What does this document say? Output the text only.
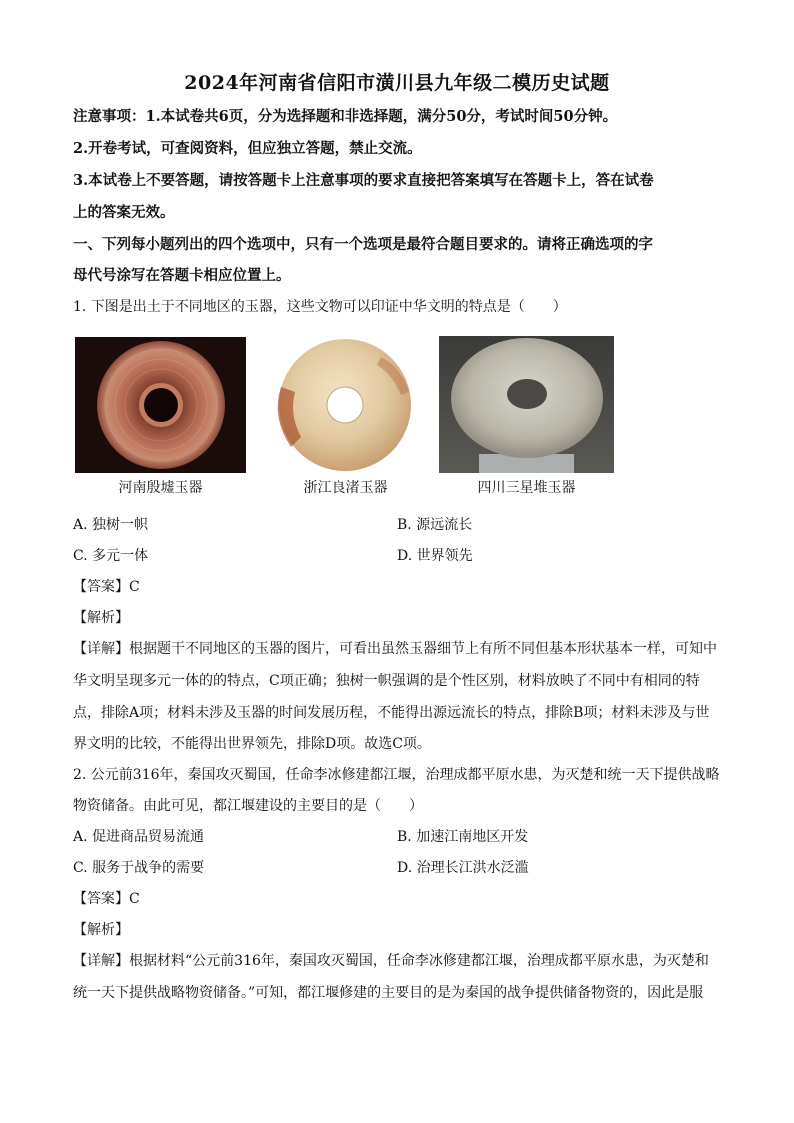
2024年河南省信阳市潢川县九年级二模历史试题
注意事项：1.本试卷共6页，分为选择题和非选择题，满分50分，考试时间50分钟。
2.开卷考试，可查阅资料，但应独立答题，禁止交流。
3.本试卷上不要答题，请按答题卡上注意事项的要求直接把答案填写在答题卡上，答在试卷
上的答案无效。
一、下列每小题列出的四个选项中，只有一个选项是最符合题目要求的。请将正确选项的字
母代号涂写在答题卡相应位置上。
1. 下图是出土于不同地区的玉器，这些文物可以印证中华文明的特点是（　　）
河南殷墟玉器	浙江良渚玉器	四川三星堆玉器
A. 独树一帜	B. 源远流长
C. 多元一体	D. 世界领先
【答案】C
【解析】
【详解】根据题干不同地区的玉器的图片，可看出虽然玉器细节上有所不同但基本形状基本一样，可知中
华文明呈现多元一体的的特点，C项正确；独树一帜强调的是个性区别，材料放映了不同中有相同的特
点，排除A项；材料未涉及玉器的时间发展历程，不能得出源远流长的特点，排除B项；材料未涉及与世
界文明的比较，不能得出世界领先，排除D项。故选C项。
2. 公元前316年，秦国攻灭蜀国，任命李冰修建都江堰，治理成都平原水患，为灭楚和统一天下提供战略
物资储备。由此可见，都江堰建设的主要目的是（　　）
A. 促进商品贸易流通	B. 加速江南地区开发
C. 服务于战争的需要	D. 治理长江洪水泛滥
【答案】C
【解析】
【详解】根据材料“公元前316年，秦国攻灭蜀国，任命李冰修建都江堰，治理成都平原水患，为灭楚和
统一天下提供战略物资储备。”可知，都江堰修建的主要目的是为秦国的战争提供储备物资的，因此是服
